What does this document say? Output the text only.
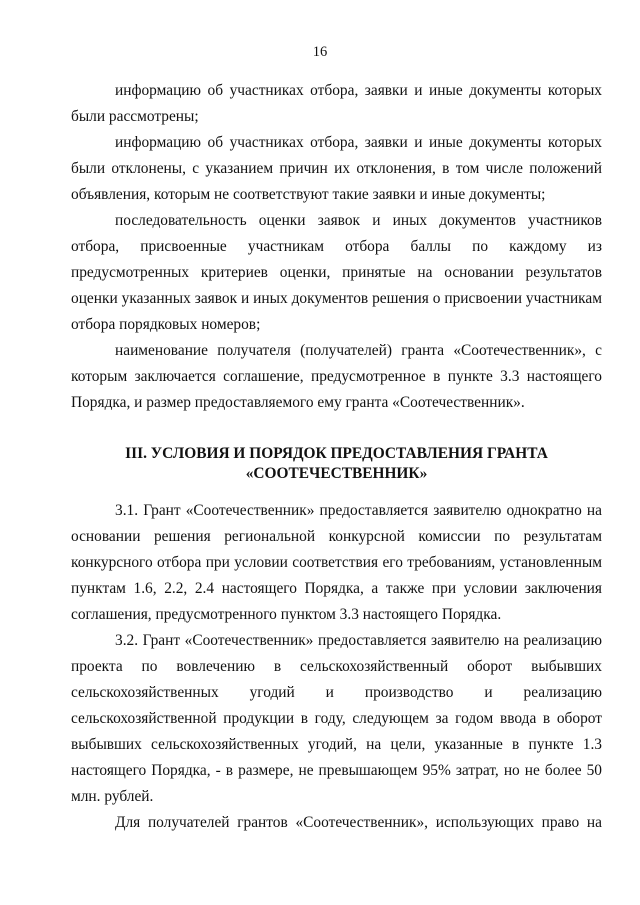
16

информацию об участниках отбора, заявки и иные документы которых были рассмотрены;

информацию об участниках отбора, заявки и иные документы которых были отклонены, с указанием причин их отклонения, в том числе положений объявления, которым не соответствуют такие заявки и иные документы;

последовательность оценки заявок и иных документов участников отбора, присвоенные участникам отбора баллы по каждому из предусмотренных критериев оценки, принятые на основании результатов оценки указанных заявок и иных документов решения о присвоении участникам отбора порядковых номеров;

наименование получателя (получателей) гранта «Соотечественник», с которым заключается соглашение, предусмотренное в пункте 3.3 настоящего Порядка, и размер предоставляемого ему гранта «Соотечественник».

III. УСЛОВИЯ И ПОРЯДОК ПРЕДОСТАВЛЕНИЯ ГРАНТА
«СООТЕЧЕСТВЕННИК»

3.1. Грант «Соотечественник» предоставляется заявителю однократно на основании решения региональной конкурсной комиссии по результатам конкурсного отбора при условии соответствия его требованиям, установленным пунктам 1.6, 2.2, 2.4 настоящего Порядка, а также при условии заключения соглашения, предусмотренного пунктом 3.3 настоящего Порядка.

3.2. Грант «Соотечественник» предоставляется заявителю на реализацию проекта по вовлечению в сельскохозяйственный оборот выбывших сельскохозяйственных угодий и производство и реализацию сельскохозяйственной продукции в году, следующем за годом ввода в оборот выбывших сельскохозяйственных угодий, на цели, указанные в пункте 1.3 настоящего Порядка, - в размере, не превышающем 95% затрат, но не более 50 млн. рублей.

Для получателей грантов «Соотечественник», использующих право на
